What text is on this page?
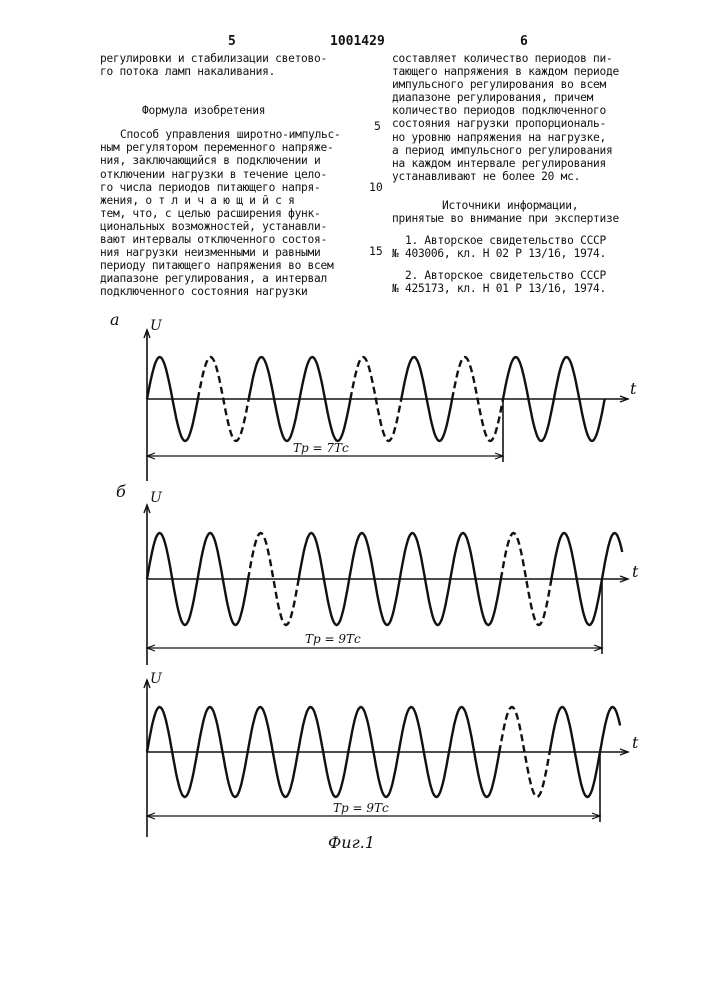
5	1001429	6
регулировки и стабилизации светово-
го потока ламп накаливания.
Формула изобретения
Способ управления широтно-импульс-
ным регулятором переменного напряже-
ния, заключающийся в подключении и
отключении нагрузки в течение цело-
го числа периодов питающего напря-
жения, о т л и ч а ю щ и й с я
тем, что, с целью расширения функ-
циональных возможностей, устанавли-
вают интервалы отключенного состоя-
ния нагрузки неизменными и равными
периоду питающего напряжения во всем
диапазоне регулирования, а интервал
подключенного состояния нагрузки
5
10
15
составляет количество периодов пи-
тающего напряжения в каждом периоде
импульсного регулирования во всем
диапазоне регулирования, причем
количество периодов подключенного
состояния нагрузки пропорциональ-
но уровню напряжения на нагрузке,
а период импульсного регулирования
на каждом интервале регулирования
устанавливают не более 20 мс.
Источники информации,
принятые во внимание при экспертизе
1. Авторское свидетельство СССР
№ 403006, кл. Н 02 Р 13/16, 1974.
2. Авторское свидетельство СССР
№ 425173, кл. Н 01 Р 13/16, 1974.
а U
t
Тр = 7Тс
б U
t
Тр = 9Тс
U
t
Тр = 9Тс
Фиг.1
